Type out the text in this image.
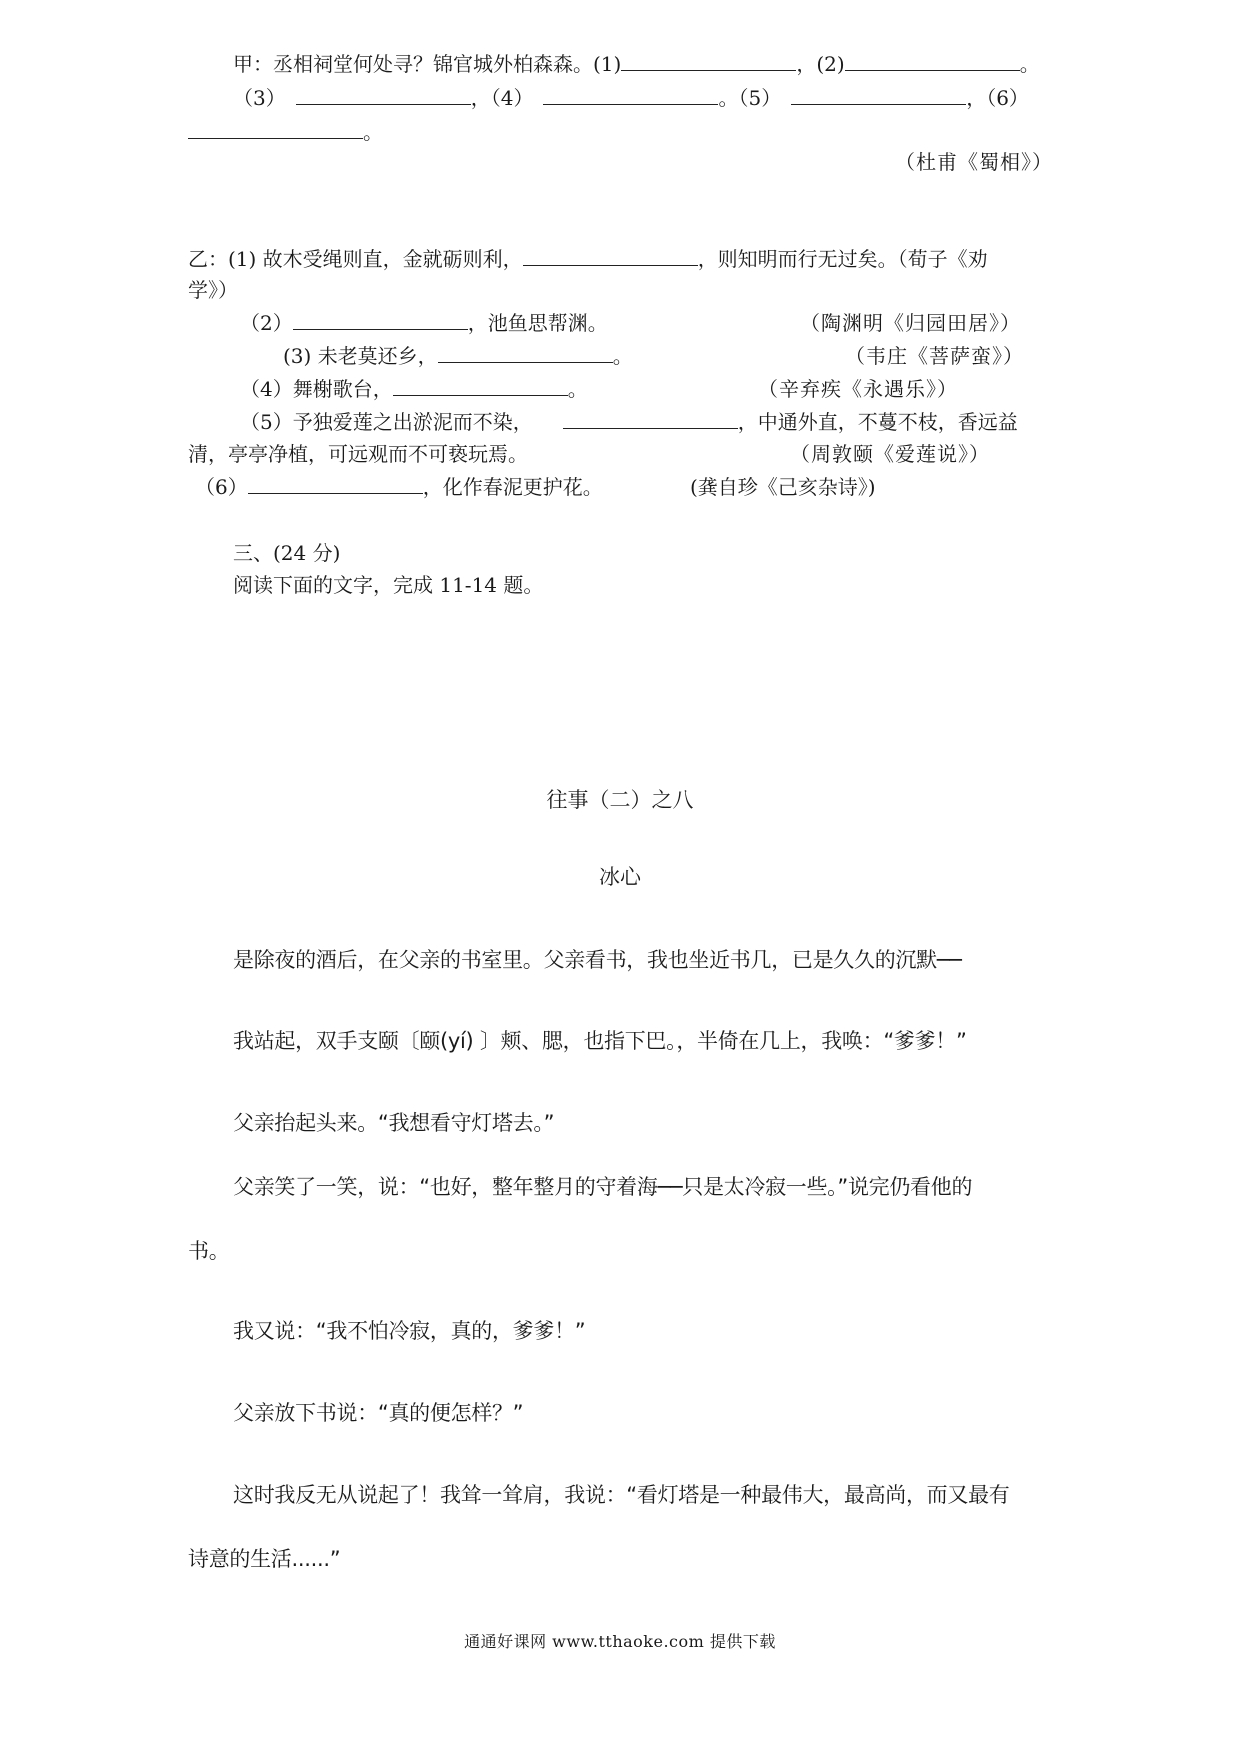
甲：丞相祠堂何处寻？锦官城外柏森森。(1)	，(2)	。
（3）	，（4）	。（5）	，（6）
。
（杜甫《蜀相》）
乙：(1) 故木受绳则直，金就砺则利，	，则知明而行无过矣。（荀子《劝
学》）
（2）	，池鱼思帮渊。	（陶渊明《归园田居》）
(3) 未老莫还乡，	。	（韦庄《菩萨蛮》）
（4）舞榭歌台，	。	（辛弃疾《永遇乐》）
（5）予独爱莲之出淤泥而不染，	，中通外直，不蔓不枝，香远益
清，亭亭净植，可远观而不可亵玩焉。	（周敦颐《爱莲说》）
（6）	，化作春泥更护花。	(龚自珍《己亥杂诗》)
三、(24 分)
阅读下面的文字，完成 11-14 题。
往事（二）之八
冰心
是除夜的酒后，在父亲的书室里。父亲看书，我也坐近书几，已是久久的沉默──
我站起，双手支颐〔颐(yí) 〕颊、腮，也指下巴。，半倚在几上，我唤：“爹爹！”
父亲抬起头来。“我想看守灯塔去。”
父亲笑了一笑，说：“也好，整年整月的守着海──只是太冷寂一些。”说完仍看他的
书。
我又说：“我不怕冷寂，真的，爹爹！”
父亲放下书说：“真的便怎样？”
这时我反无从说起了！我耸一耸肩，我说：“看灯塔是一种最伟大，最高尚，而又最有
诗意的生活......”
通通好课网 www.tthaoke.com 提供下载
